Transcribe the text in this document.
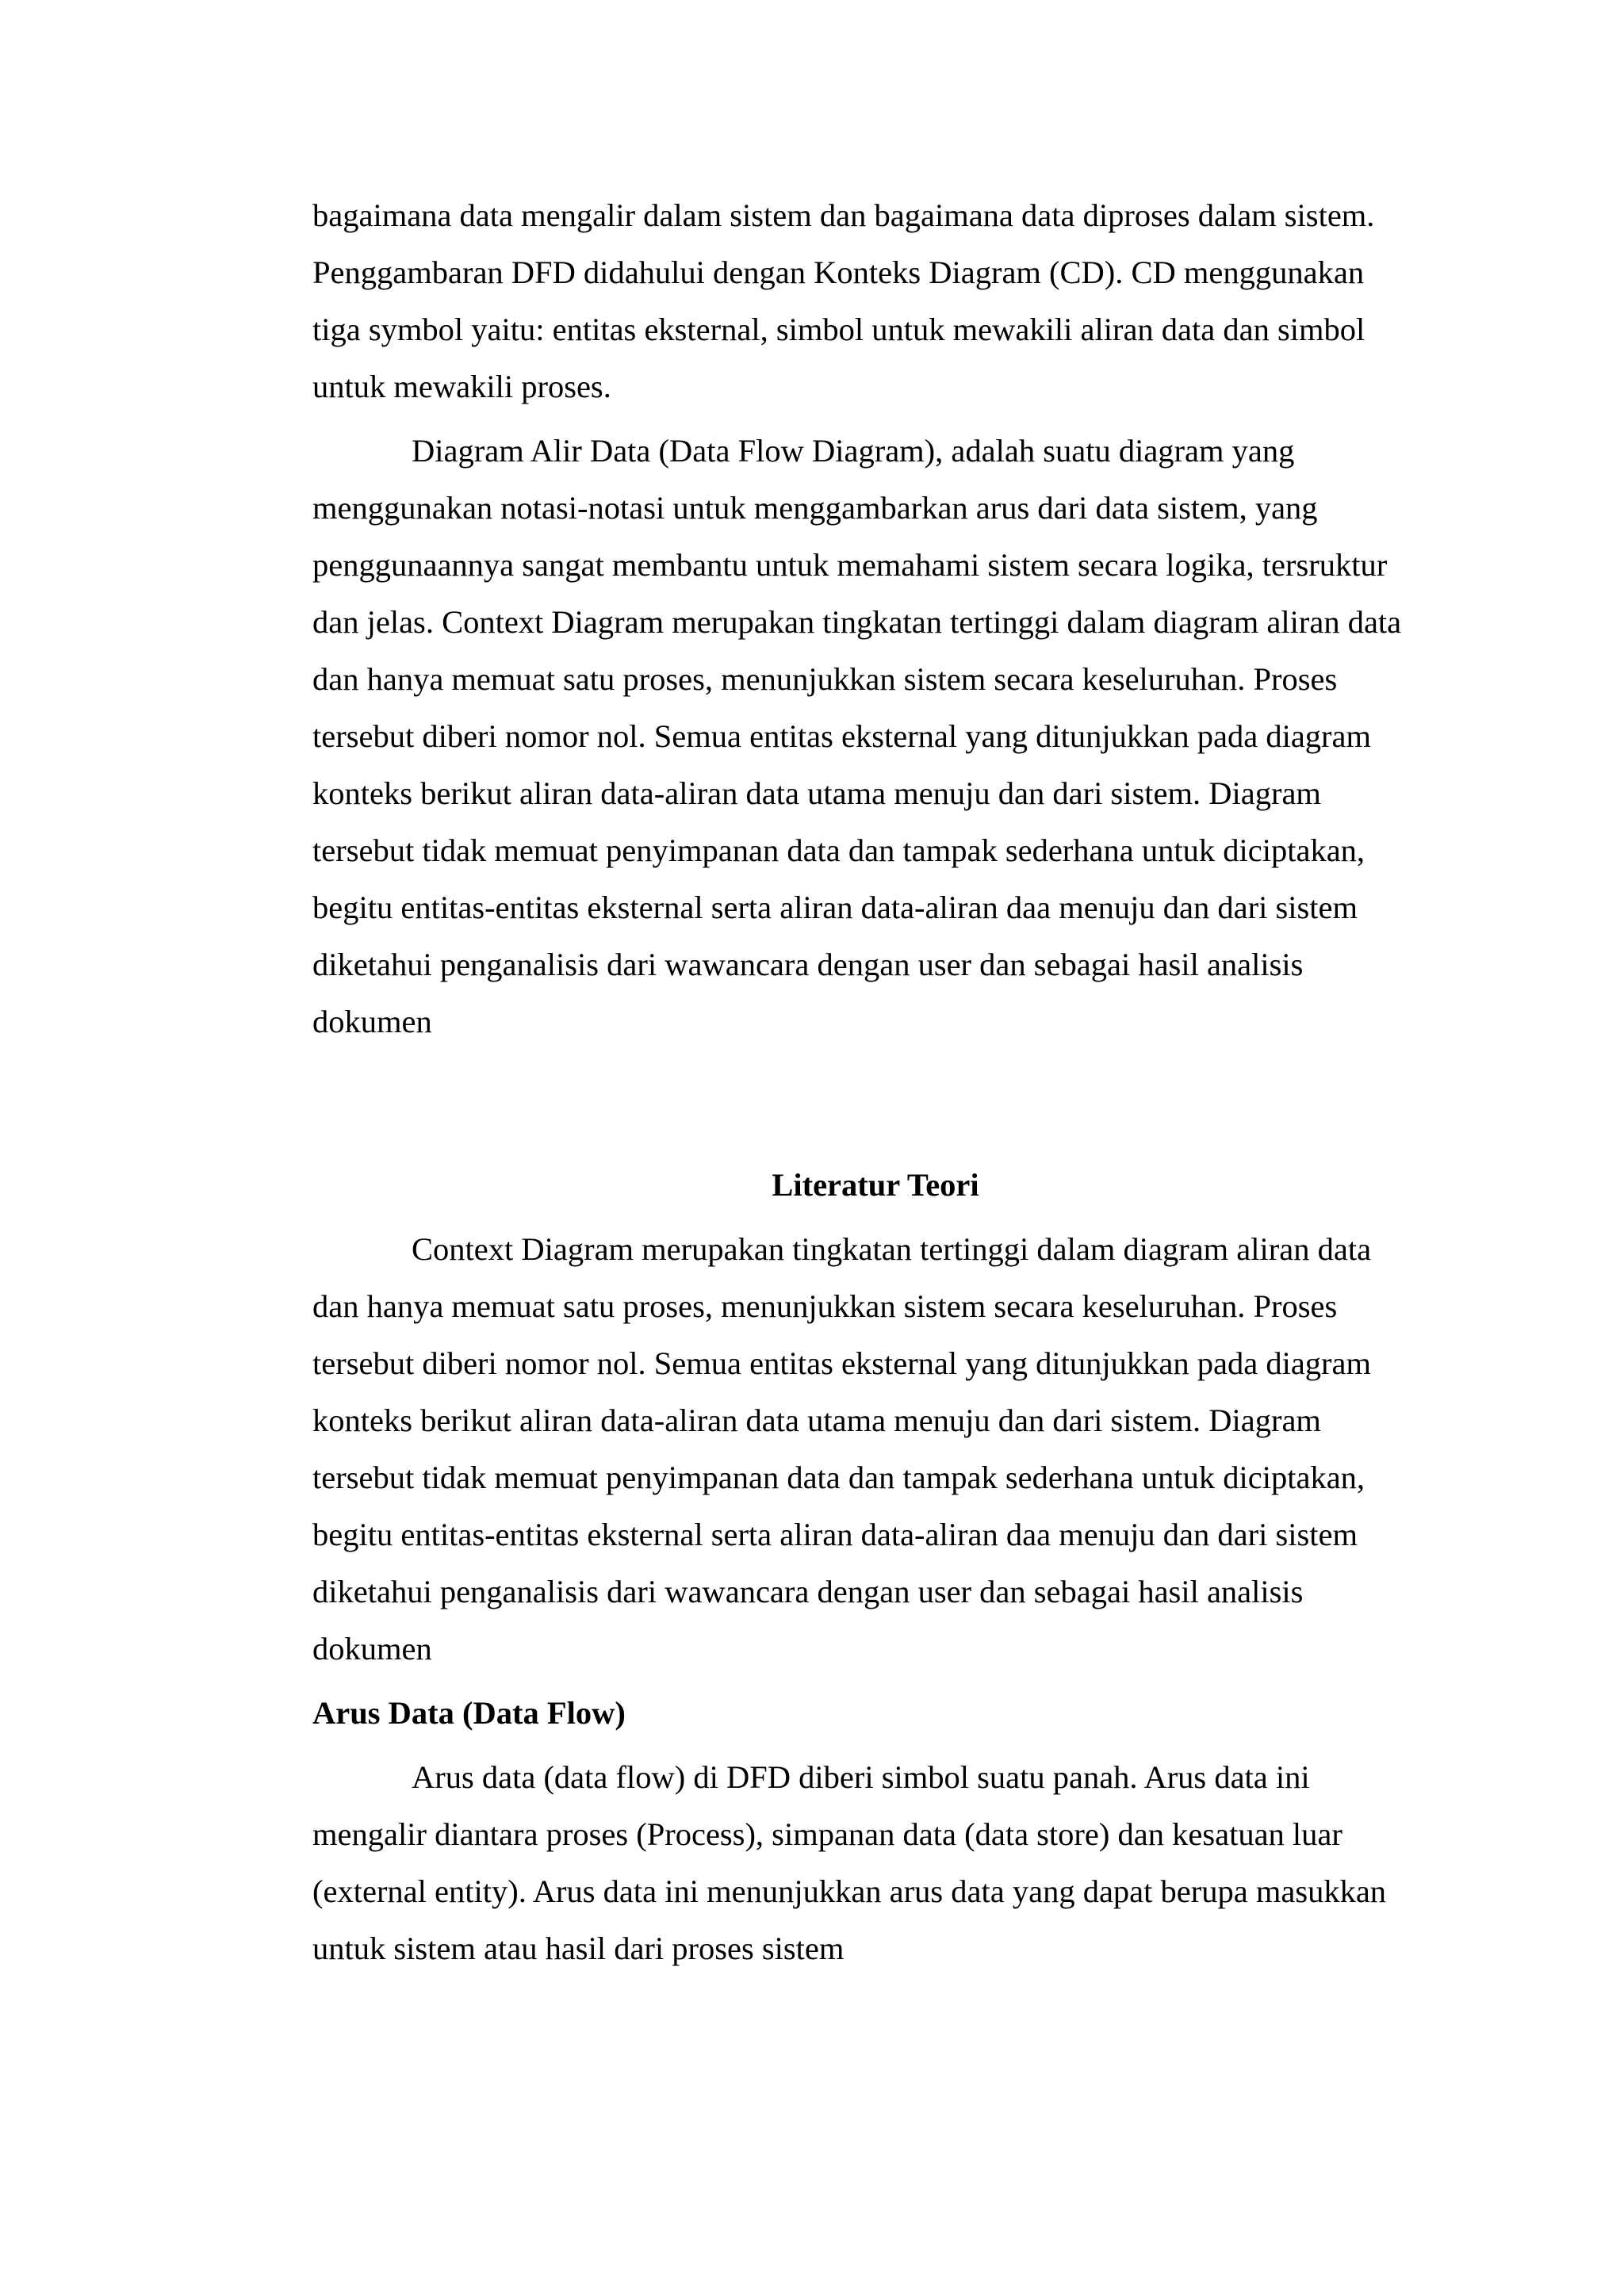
bagaimana data mengalir dalam sistem dan bagaimana data diproses dalam sistem.
Penggambaran DFD didahului dengan Konteks Diagram (CD). CD menggunakan
tiga symbol yaitu: entitas eksternal, simbol untuk mewakili aliran data dan simbol
untuk mewakili proses.

Diagram Alir Data (Data Flow Diagram), adalah suatu diagram yang
menggunakan notasi-notasi untuk menggambarkan arus dari data sistem, yang
penggunaannya sangat membantu untuk memahami sistem secara logika, tersruktur
dan jelas. Context Diagram merupakan tingkatan tertinggi dalam diagram aliran data
dan hanya memuat satu proses, menunjukkan sistem secara keseluruhan. Proses
tersebut diberi nomor nol. Semua entitas eksternal yang ditunjukkan pada diagram
konteks berikut aliran data-aliran data utama menuju dan dari sistem. Diagram
tersebut tidak memuat penyimpanan data dan tampak sederhana untuk diciptakan,
begitu entitas-entitas eksternal serta aliran data-aliran daa menuju dan dari sistem
diketahui penganalisis dari wawancara dengan user dan sebagai hasil analisis
dokumen

Literatur Teori

Context Diagram merupakan tingkatan tertinggi dalam diagram aliran data
dan hanya memuat satu proses, menunjukkan sistem secara keseluruhan. Proses
tersebut diberi nomor nol. Semua entitas eksternal yang ditunjukkan pada diagram
konteks berikut aliran data-aliran data utama menuju dan dari sistem. Diagram
tersebut tidak memuat penyimpanan data dan tampak sederhana untuk diciptakan,
begitu entitas-entitas eksternal serta aliran data-aliran daa menuju dan dari sistem
diketahui penganalisis dari wawancara dengan user dan sebagai hasil analisis
dokumen

Arus Data (Data Flow)

Arus data (data flow) di DFD diberi simbol suatu panah. Arus data ini
mengalir diantara proses (Process), simpanan data (data store) dan kesatuan luar
(external entity). Arus data ini menunjukkan arus data yang dapat berupa masukkan
untuk sistem atau hasil dari proses sistem
